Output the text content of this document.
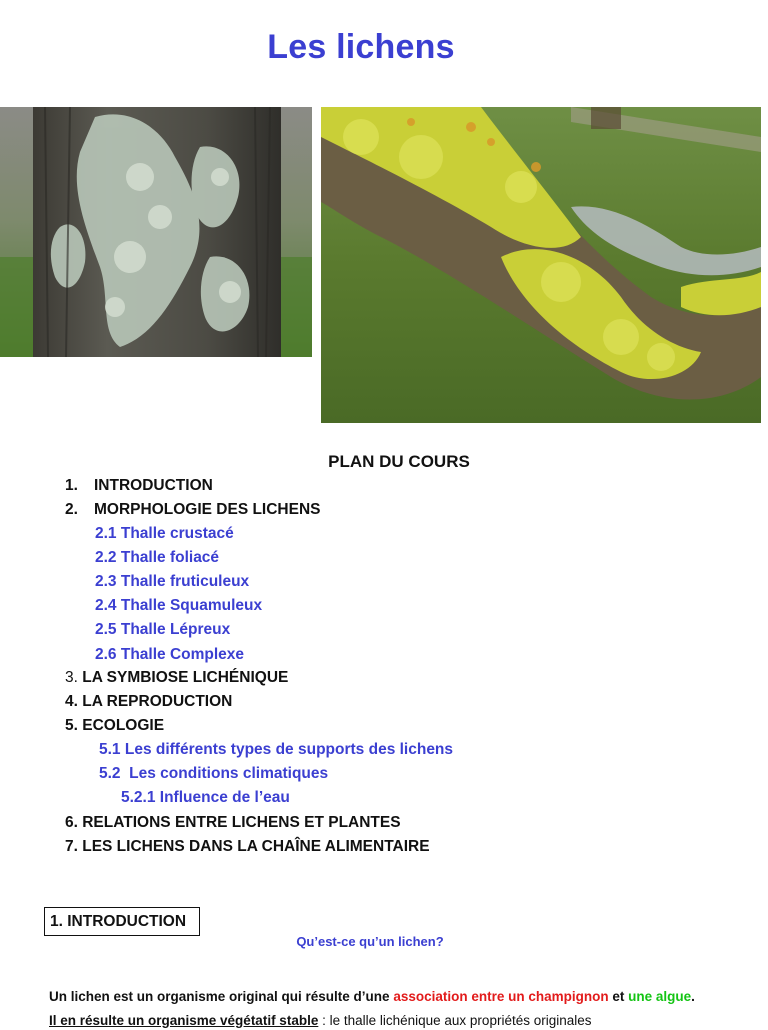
Les lichens
PLAN DU COURS
1. INTRODUCTION
2. MORPHOLOGIE DES LICHENS
2.1 Thalle crustacé
2.2 Thalle foliacé
2.3 Thalle fruticuleux
2.4 Thalle Squamuleux
2.5 Thalle Lépreux
2.6 Thalle Complexe
3. LA SYMBIOSE LICHÉNIQUE
4. LA REPRODUCTION
5. ECOLOGIE
5.1 Les différents types de supports des lichens
5.2  Les conditions climatiques
5.2.1 Influence de l’eau
6. RELATIONS ENTRE LICHENS ET PLANTES
7. LES LICHENS DANS LA CHAÎNE ALIMENTAIRE
1. INTRODUCTION
Qu’est-ce qu’un lichen?
Un lichen est un organisme original qui résulte d’une association entre un champignon et une algue.
Il en résulte un organisme végétatif stable : le thalle lichénique aux propriétés originales
